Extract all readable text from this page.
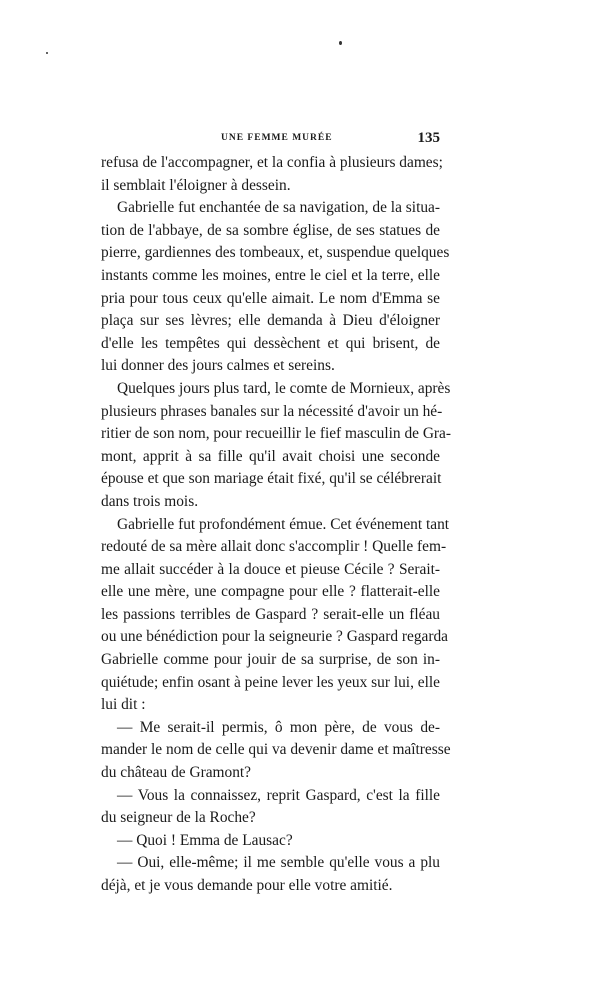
UNE FEMME MURÉE	135
refusa de l'accompagner, et la confia à plusieurs dames;
il semblait l'éloigner à dessein.
Gabrielle fut enchantée de sa navigation, de la situa-
tion de l'abbaye, de sa sombre église, de ses statues de
pierre, gardiennes des tombeaux, et, suspendue quelques
instants comme les moines, entre le ciel et la terre, elle
pria pour tous ceux qu'elle aimait. Le nom d'Emma se
plaça sur ses lèvres; elle demanda à Dieu d'éloigner
d'elle les tempêtes qui dessèchent et qui brisent, de
lui donner des jours calmes et sereins.
Quelques jours plus tard, le comte de Mornieux, après
plusieurs phrases banales sur la nécessité d'avoir un hé-
ritier de son nom, pour recueillir le fief masculin de Gra-
mont, apprit à sa fille qu'il avait choisi une seconde
épouse et que son mariage était fixé, qu'il se célébrerait
dans trois mois.
Gabrielle fut profondément émue. Cet événement tant
redouté de sa mère allait donc s'accomplir ! Quelle fem-
me allait succéder à la douce et pieuse Cécile ? Serait-
elle une mère, une compagne pour elle ? flatterait-elle
les passions terribles de Gaspard ? serait-elle un fléau
ou une bénédiction pour la seigneurie ? Gaspard regarda
Gabrielle comme pour jouir de sa surprise, de son in-
quiétude; enfin osant à peine lever les yeux sur lui, elle
lui dit :
— Me serait-il permis, ô mon père, de vous de-
mander le nom de celle qui va devenir dame et maîtresse
du château de Gramont?
— Vous la connaissez, reprit Gaspard, c'est la fille
du seigneur de la Roche?
— Quoi ! Emma de Lausac?
— Oui, elle-même; il me semble qu'elle vous a plu
déjà, et je vous demande pour elle votre amitié.
